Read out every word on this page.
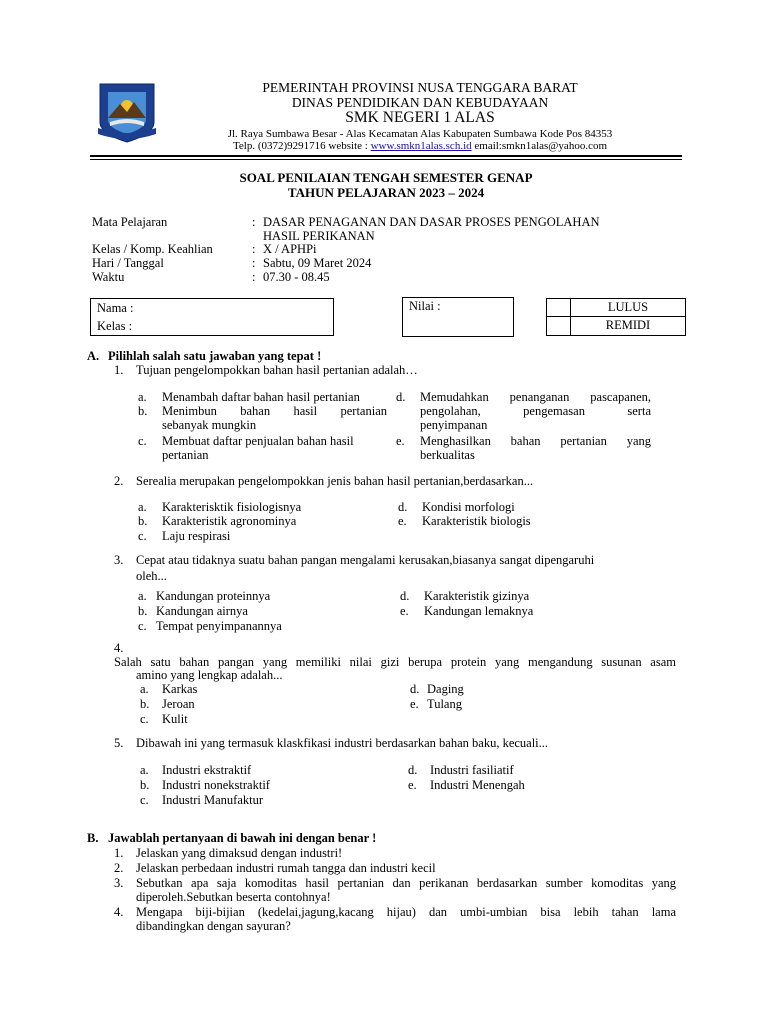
PEMERINTAH PROVINSI NUSA TENGGARA BARAT
DINAS PENDIDIKAN DAN KEBUDAYAAN
SMK NEGERI 1 ALAS
Jl. Raya Sumbawa Besar - Alas Kecamatan Alas Kabupaten Sumbawa Kode Pos 84353
Telp. (0372)9291716 website : www.smkn1alas.sch.id email:smkn1alas@yahoo.com
SOAL PENILAIAN TENGAH SEMESTER GENAP
TAHUN PELAJARAN 2023 – 2024
Mata Pelajaran	: DASAR PENAGANAN DAN DASAR PROSES PENGOLAHAN
HASIL PERIKANAN
Kelas / Komp. Keahlian	: X / APHPi
Hari / Tanggal	: Sabtu, 09 Maret 2024
Waktu	: 07.30 - 08.45
Nama :
Kelas :
Nilai :	LULUS
REMIDI
A. Pilihlah salah satu jawaban yang tepat !
1. Tujuan pengelompokkan bahan hasil pertanian adalah…
a. Menambah daftar bahan hasil pertanian
b. Menimbun bahan hasil pertanian
sebanyak mungkin
c. Membuat daftar penjualan bahan hasil
pertanian
d. Memudahkan penanganan pascapanen,
pengolahan, pengemasan serta
penyimpanan
e. Menghasilkan bahan pertanian yang
berkualitas
2. Serealia merupakan pengelompokkan jenis bahan hasil pertanian,berdasarkan...
a. Karakterisktik fisiologisnya
b. Karakteristik agronominya
c. Laju respirasi
d. Kondisi morfologi
e. Karakteristik biologis
3. Cepat atau tidaknya suatu bahan pangan mengalami kerusakan,biasanya sangat dipengaruhi
oleh...
a. Kandungan proteinnya
b. Kandungan airnya
c. Tempat penyimpanannya
d. Karakteristik gizinya
e. Kandungan lemaknya
4.
Salah satu bahan pangan yang memiliki nilai gizi berupa protein yang mengandung susunan asam
amino yang lengkap adalah...
a. Karkas
b. Jeroan
c. Kulit
d. Daging
e. Tulang
5. Dibawah ini yang termasuk klaskfikasi industri berdasarkan bahan baku, kecuali...
a. Industri ekstraktif
b. Industri nonekstraktif
c. Industri Manufaktur
d. Industri fasiliatif
e. Industri Menengah
B. Jawablah pertanyaan di bawah ini dengan benar !
1. Jelaskan yang dimaksud dengan industri!
2. Jelaskan perbedaan industri rumah tangga dan industri kecil
3. Sebutkan apa saja komoditas hasil pertanian dan perikanan berdasarkan sumber komoditas yang
diperoleh.Sebutkan beserta contohnya!
4. Mengapa biji-bijian (kedelai,jagung,kacang hijau) dan umbi-umbian bisa lebih tahan lama
dibandingkan dengan sayuran?
